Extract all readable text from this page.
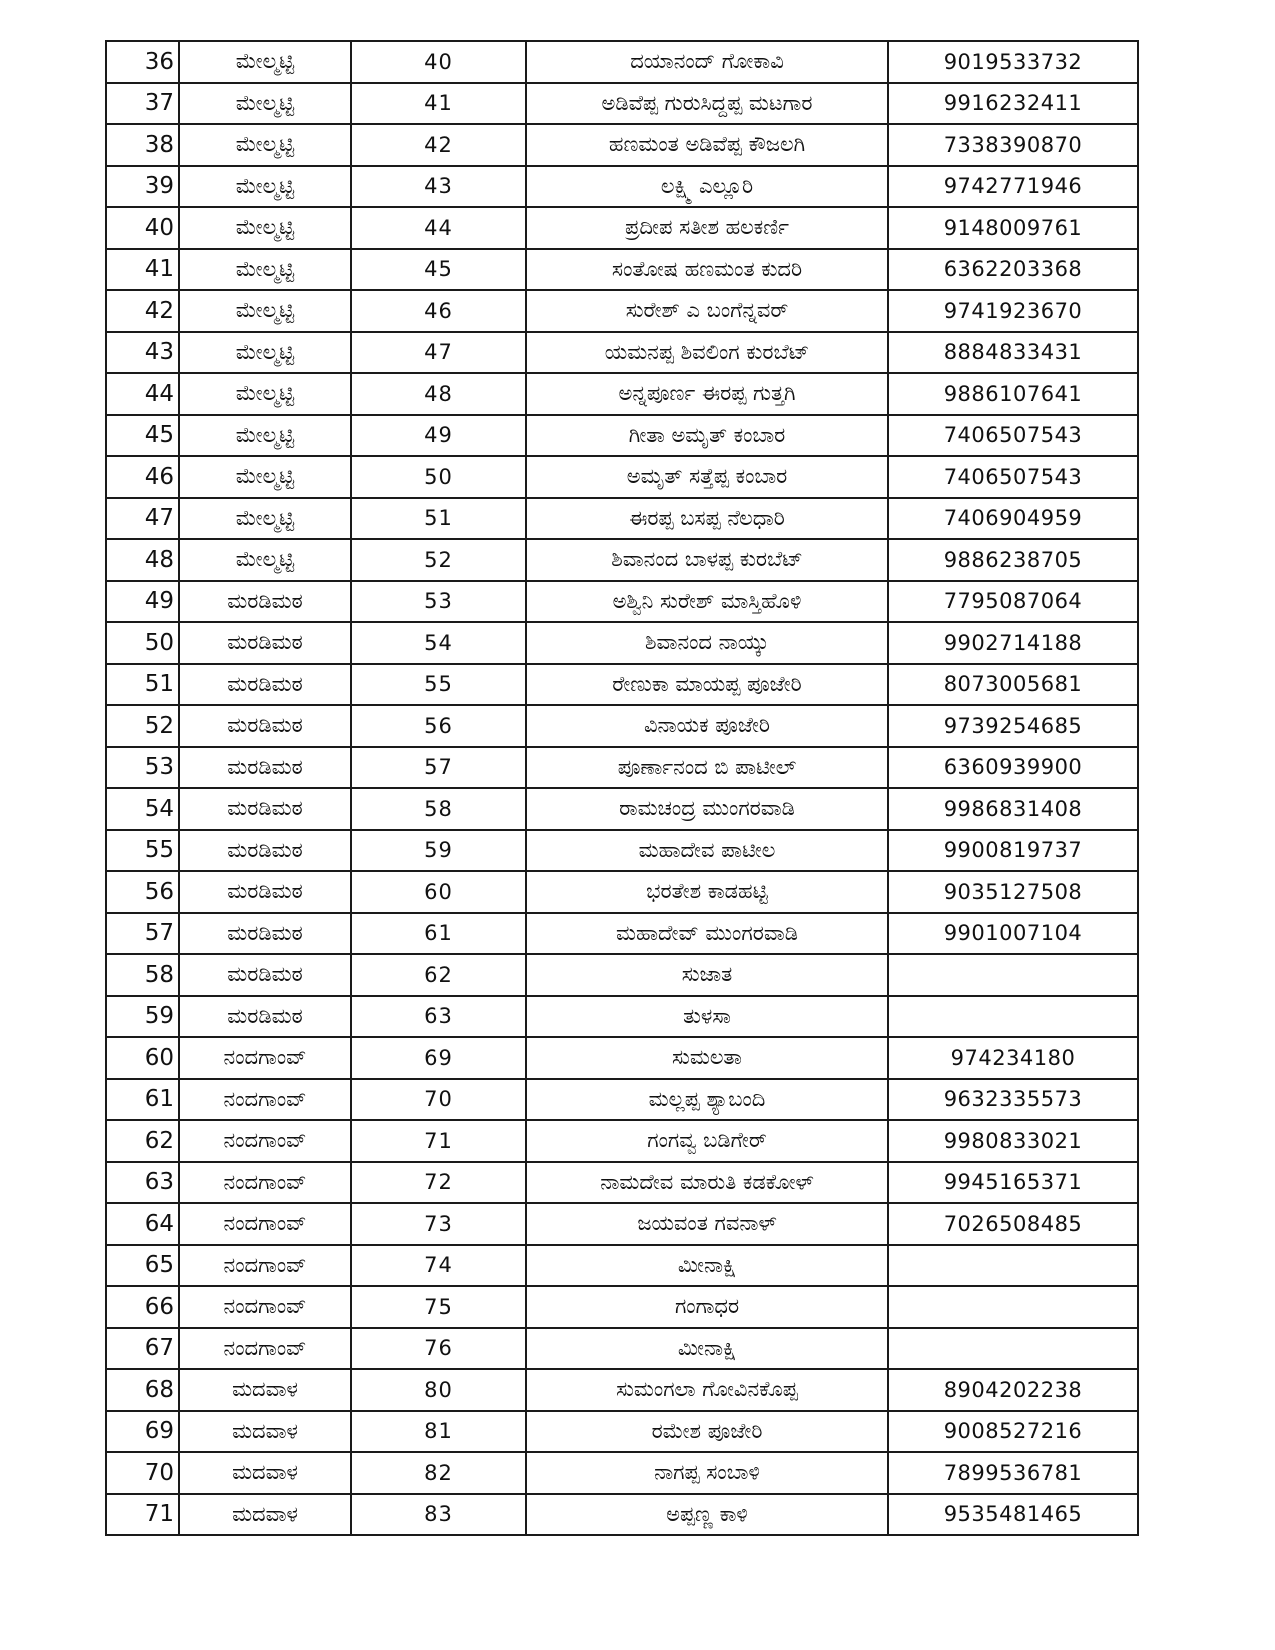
36	ಮೇಲ್ಮಟ್ಟಿ	40	ದಯಾನಂದ್ ಗೋಕಾವಿ	9019533732
37	ಮೇಲ್ಮಟ್ಟಿ	41	ಅಡಿವೆಪ್ಪ ಗುರುಸಿದ್ದಪ್ಪ ಮಟಗಾರ	9916232411
38	ಮೇಲ್ಮಟ್ಟಿ	42	ಹಣಮಂತ ಅಡಿವೆಪ್ಪ ಕೌಜಲಗಿ	7338390870
39	ಮೇಲ್ಮಟ್ಟಿ	43	ಲಕ್ಷ್ಮಿ ಎಲ್ಲೂರಿ	9742771946
40	ಮೇಲ್ಮಟ್ಟಿ	44	ಪ್ರದೀಪ ಸತೀಶ ಹಲಕರ್ಣಿ	9148009761
41	ಮೇಲ್ಮಟ್ಟಿ	45	ಸಂತೋಷ ಹಣಮಂತ ಕುದರಿ	6362203368
42	ಮೇಲ್ಮಟ್ಟಿ	46	ಸುರೇಶ್ ಎ ಬಂಗೆನ್ನವರ್	9741923670
43	ಮೇಲ್ಮಟ್ಟಿ	47	ಯಮನಪ್ಪ ಶಿವಲಿಂಗ ಕುರಬೆಟ್	8884833431
44	ಮೇಲ್ಮಟ್ಟಿ	48	ಅನ್ನಪೂರ್ಣ ಈರಪ್ಪ ಗುತ್ತಗಿ	9886107641
45	ಮೇಲ್ಮಟ್ಟಿ	49	ಗೀತಾ ಅಮೃತ್ ಕಂಬಾರ	7406507543
46	ಮೇಲ್ಮಟ್ಟಿ	50	ಅಮೃತ್ ಸತ್ತೆಪ್ಪ ಕಂಬಾರ	7406507543
47	ಮೇಲ್ಮಟ್ಟಿ	51	ಈರಪ್ಪ ಬಸಪ್ಪ ನೆಲಧಾರಿ	7406904959
48	ಮೇಲ್ಮಟ್ಟಿ	52	ಶಿವಾನಂದ ಬಾಳಪ್ಪ ಕುರಬೆಟ್	9886238705
49	ಮರಡಿಮಠ	53	ಅಶ್ವಿನಿ ಸುರೇಶ್ ಮಾಸ್ತಿಹೊಳಿ	7795087064
50	ಮರಡಿಮಠ	54	ಶಿವಾನಂದ ನಾಯ್ಕು	9902714188
51	ಮರಡಿಮಠ	55	ರೇಣುಕಾ ಮಾಯಪ್ಪ ಪೂಜೇರಿ	8073005681
52	ಮರಡಿಮಠ	56	ವಿನಾಯಕ ಪೂಜೇರಿ	9739254685
53	ಮರಡಿಮಠ	57	ಪೂರ್ಣಾನಂದ ಬಿ ಪಾಟೀಲ್	6360939900
54	ಮರಡಿಮಠ	58	ರಾಮಚಂದ್ರ ಮುಂಗರವಾಡಿ	9986831408
55	ಮರಡಿಮಠ	59	ಮಹಾದೇವ ಪಾಟೀಲ	9900819737
56	ಮರಡಿಮಠ	60	ಭರತೇಶ ಕಾಡಹಟ್ಟಿ	9035127508
57	ಮರಡಿಮಠ	61	ಮಹಾದೇವ್ ಮುಂಗರವಾಡಿ	9901007104
58	ಮರಡಿಮಠ	62	ಸುಜಾತ	
59	ಮರಡಿಮಠ	63	ತುಳಸಾ	
60	ನಂದಗಾಂವ್	69	ಸುಮಲತಾ	974234180
61	ನಂದಗಾಂವ್	70	ಮಲ್ಲಪ್ಪ ಶ್ಯಾಬಂದಿ	9632335573
62	ನಂದಗಾಂವ್	71	ಗಂಗವ್ವ ಬಡಿಗೇರ್	9980833021
63	ನಂದಗಾಂವ್	72	ನಾಮದೇವ ಮಾರುತಿ ಕಡಕೋಳ್	9945165371
64	ನಂದಗಾಂವ್	73	ಜಯವಂತ ಗವನಾಳ್	7026508485
65	ನಂದಗಾಂವ್	74	ಮೀನಾಕ್ಷಿ	
66	ನಂದಗಾಂವ್	75	ಗಂಗಾಧರ	
67	ನಂದಗಾಂವ್	76	ಮೀನಾಕ್ಷಿ	
68	ಮದವಾಳ	80	ಸುಮಂಗಲಾ ಗೋವಿನಕೊಪ್ಪ	8904202238
69	ಮದವಾಳ	81	ರಮೇಶ ಪೂಜೇರಿ	9008527216
70	ಮದವಾಳ	82	ನಾಗಪ್ಪ ಸಂಬಾಳಿ	7899536781
71	ಮದವಾಳ	83	ಅಪ್ಪಣ್ಣ ಕಾಳಿ	9535481465
